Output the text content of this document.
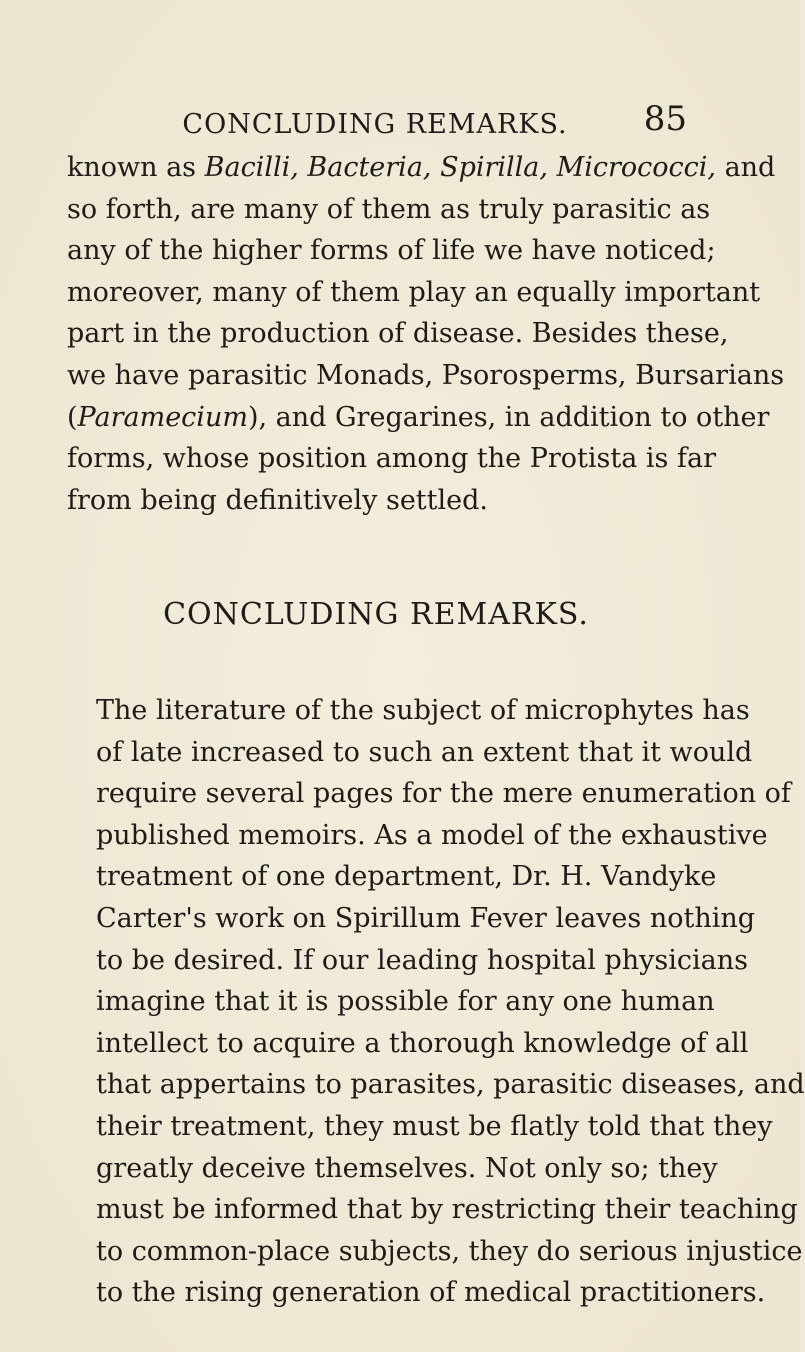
CONCLUDING REMARKS.	85

known as Bacilli, Bacteria, Spirilla, Micrococci, and
so forth, are many of them as truly parasitic as
any of the higher forms of life we have noticed;
moreover, many of them play an equally important
part in the production of disease. Besides these,
we have parasitic Monads, Psorosperms, Bursarians
(Paramecium), and Gregarines, in addition to other
forms, whose position among the Protista is far
from being definitively settled.

CONCLUDING REMARKS.

The literature of the subject of microphytes has
of late increased to such an extent that it would
require several pages for the mere enumeration of
published memoirs. As a model of the exhaustive
treatment of one department, Dr. H. Vandyke
Carter's work on Spirillum Fever leaves nothing
to be desired. If our leading hospital physicians
imagine that it is possible for any one human
intellect to acquire a thorough knowledge of all
that appertains to parasites, parasitic diseases, and
their treatment, they must be flatly told that they
greatly deceive themselves. Not only so; they
must be informed that by restricting their teaching
to common-place subjects, they do serious injustice
to the rising generation of medical practitioners.
